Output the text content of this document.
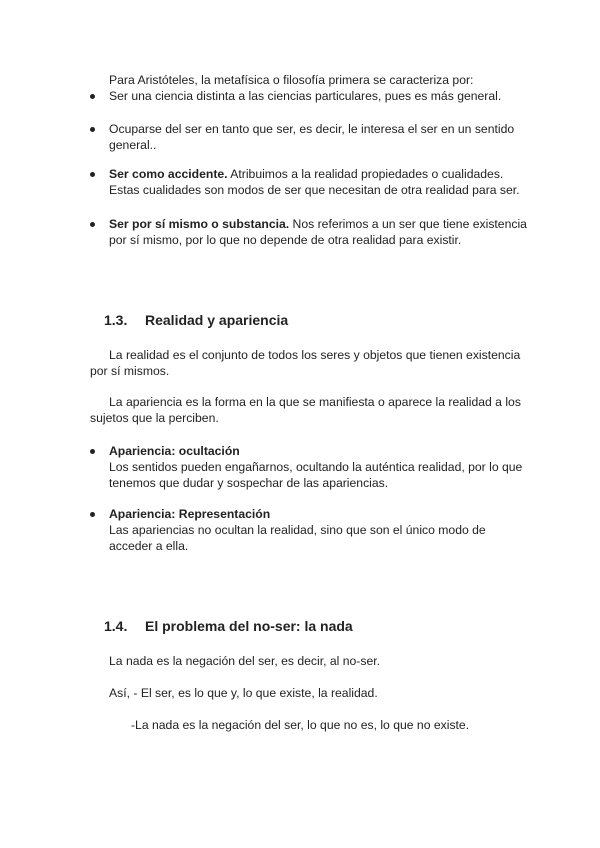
Para Aristóteles, la metafísica o filosofía primera se caracteriza por:
Ser una ciencia distinta a las ciencias particulares, pues es más general.
Ocuparse del ser en tanto que ser, es decir, le interesa el ser en un sentido
general..
Ser como accidente. Atribuimos a la realidad propiedades o cualidades.
Estas cualidades son modos de ser que necesitan de otra realidad para ser.
Ser por sí mismo o substancia. Nos referimos a un ser que tiene existencia
por sí mismo, por lo que no depende de otra realidad para existir.
1.3. Realidad y apariencia
La realidad es el conjunto de todos los seres y objetos que tienen existencia
por sí mismos.
La apariencia es la forma en la que se manifiesta o aparece la realidad a los
sujetos que la perciben.
Apariencia: ocultación
Los sentidos pueden engañarnos, ocultando la auténtica realidad, por lo que
tenemos que dudar y sospechar de las apariencias.
Apariencia: Representación
Las apariencias no ocultan la realidad, sino que son el único modo de
acceder a ella.
1.4. El problema del no-ser: la nada
La nada es la negación del ser, es decir, al no-ser.
Así, - El ser, es lo que y, lo que existe, la realidad.
-La nada es la negación del ser, lo que no es, lo que no existe.
